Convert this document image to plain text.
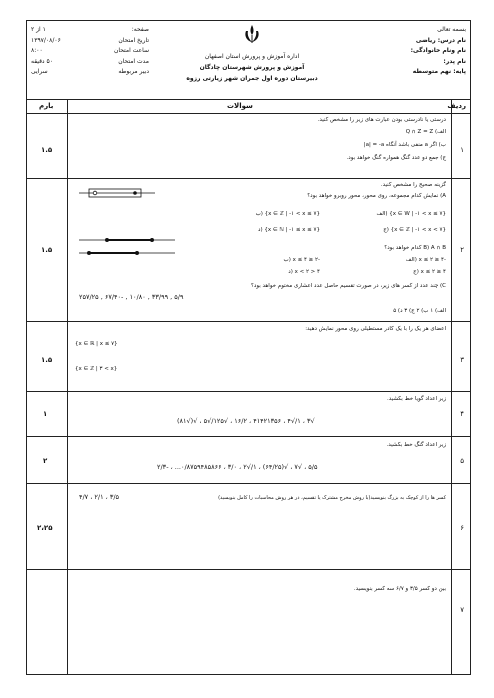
بسمه تعالی
نام درس: ریاضی
نام ونام خانوادگی:
نام پدر:
پایه: نهم متوسطه
اداره آموزش و پرورش استان اصفهان
آموزش و پرورش شهرستان چادگان
دبیرستان دوره اول جمران شهر زیارتی رزوه
صفحه:
۱ از ۲
تاریخ امتحان
۱۳۹۷/۰۸/۰۶
ساعت امتحان
۸:۰۰
مدت امتحان
۵۰ دقیقه
دبیر مربوطه
سرایی
ردیف
سوالات
بارم
۱
۱.۵
درستی یا نادرستی بودن عبارت های زیر را مشخص کنید.
الف) Q ∩ Z = Z
ب) اگر a منفی باشد آنگاه ‎|a| = -a
ج) جمع دو عدد گنگ همواره گنگ خواهد بود.
۲
۱.۵
گزینه صحیح را مشخص کنید.
A) نمایش کدام مجموعه، روی محور، محور روبرو خواهد بود؟
{x ∈ ℤ | -۱ < x ≤ ۷} (ب	{x ∈ W | -۱ < x ≤ ۷} (الف
{x ∈ ℕ | -۱ ≤ x ≤ ۷} (د	{x ∈ ℤ | -۱ < x < ۷} (ج
B) A ∩ B کدام خواهد بود؟
-۲ ≤ x ≤ ۴ (ب	-۴ ≤ x ≤ ۲ (الف
۴ < x < ۲ (د	۴ ≤ x ≤ ۲ (ج
C) چند عدد از کسر های زیر، در صورت تقسیم حاصل عدد اعشاری مختوم خواهد بود؟
۵/۹ , ۳۳/۹۹ , ۱۰/۸۰ , -۶۷/۴۰ , ۲۵۷/۲۵
الف) ۱ ب) ۲ ج) ۳ د) ۵
۳
۱.۵
اعضای هر یک را با یک کادر مستطیلی روی محور نمایش دهید:
{x ∈ ℝ | x ≤ ۷}
{x ∈ ℤ | ۳ < x}
۴
۱
زیر اعداد گویا خط بکشید.
√۳ ، ۱/√۴ ، ۴۱۴۲۱۳۵۶ ، ۱۶/۲ ، √۱۲۵/√۵ ، √(√۸۱)
۵
۲
زیر اعداد گنگ خط بکشید.
۵/۵ ، √۷ ، √(۶۴/۲۵) ، ۱/√۲ ، ۳/۰ ، ۰/۸۷۵۹۴۸۵۸۶۶... ، -۲/۳
۶
۲،۲۵
کسر ها را از کوچک به بزرگ بنویسید(با روش مخرج مشترک یا تقسیم، در هر روش محاسبات را کامل بنویسید)
۳/۵ ، ۲/۱ ، ۴/۷
۷
بین دو کسر ۳/۵ و ۶/۷ سه کسر بنویسید.
